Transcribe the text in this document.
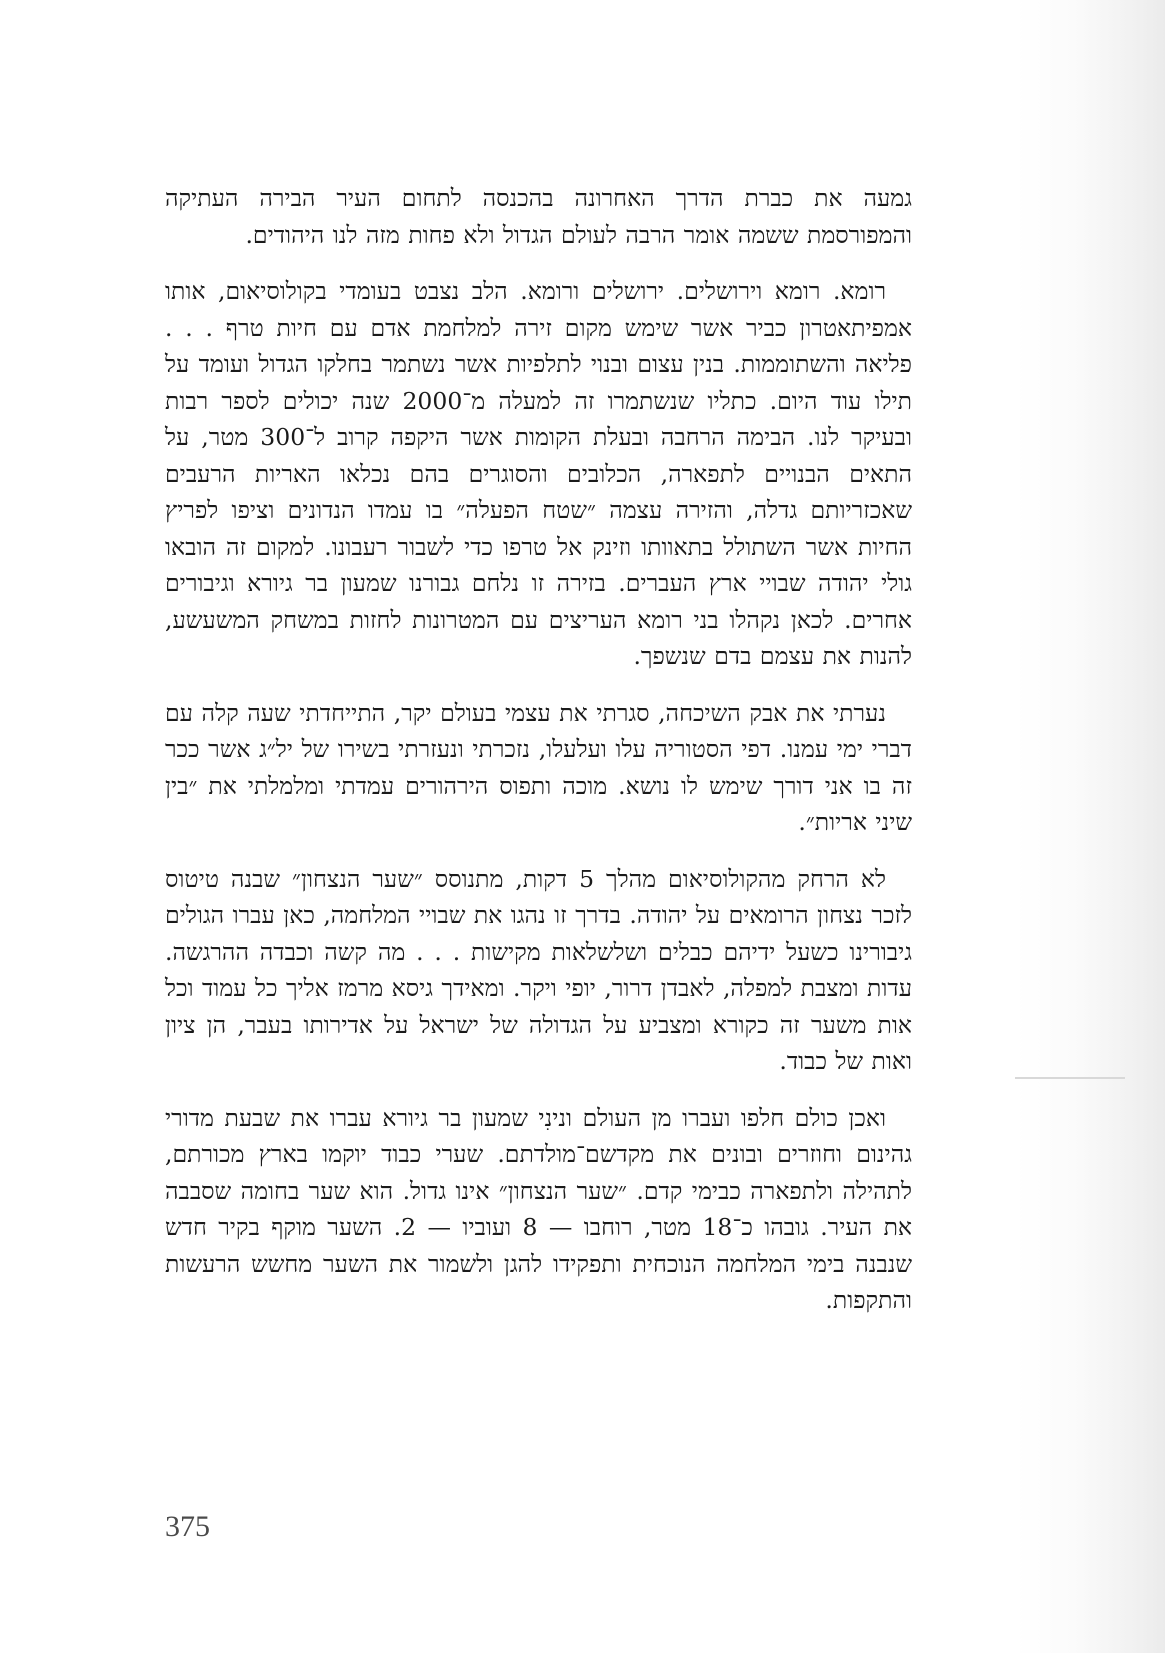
גמעה את כברת הדרך האחרונה בהכנסה לתחום העיר הבירה העתיקה והמפורסמת ששמה אומר הרבה לעולם הגדול ולא פחות מזה לנו היהודים.

רומא. רומא וירושלים. ירושלים ורומא. הלב נצבט בעומדי בקולוסיאום, אותו אמפיתאטרון כביר אשר שימש מקום זירה למלחמת אדם עם חיות טרף . . . פליאה והשתוממות. בנין עצום ובנוי לתלפיות אשר נשתמר בחלקו הגדול ועומד על תילו עוד היום. כתליו שנשתמרו זה למעלה מ־2000 שנה יכולים לספר רבות ובעיקר לנו. הבימה הרחבה ובעלת הקומות אשר היקפה קרוב ל־300 מטר, על התאים הבנויים לתפארה, הכלובים והסוגרים בהם נכלאו האריות הרעבים שאכזריותם גדלה, והזירה עצמה ״שטח הפעלה״ בו עמדו הנדונים וציפו לפריץ החיות אשר השתולל בתאוותו וזינק אל טרפו כדי לשבור רעבונו. למקום זה הובאו גולי יהודה שבויי ארץ העברים. בזירה זו נלחם גבורנו שמעון בר גיורא וגיבורים אחרים. לכאן נקהלו בני רומא העריצים עם המטרונות לחזות במשחק המשעשע, להנות את עצמם בדם שנשפך.

נערתי את אבק השיכחה, סגרתי את עצמי בעולם יקר, התייחדתי שעה קלה עם דברי ימי עמנו. דפי הסטוריה עלו ועלעלו, נזכרתי ונעזרתי בשירו של יל״ג אשר ככר זה בו אני דורך שימש לו נושא. מוכה ותפוס הירהורים עמדתי ומלמלתי את ״בין שיני אריות״.

לא הרחק מהקולוסיאום מהלך 5 דקות, מתנוסס ״שער הנצחון״ שבנה טיטוס לזכר נצחון הרומאים על יהודה. בדרך זו נהגו את שבויי המלחמה, כאן עברו הגולים גיבורינו כשעל ידיהם כבלים ושלשלאות מקישות . . . מה קשה וכבדה ההרגשה. עדות ומצבת למפלה, לאבדן דרור, יופי ויקר. ומאידך גיסא מרמז אליך כל עמוד וכל אות משער זה כקורא ומצביע על הגדולה של ישראל על אדירותו בעבר, הן ציון ואות של כבוד.

ואכן כולם חלפו ועברו מן העולם ונינִי שמעון בר גיורא עברו את שבעת מדורי גהינום וחוזרים ובונים את מקדשם־מולדתם. שערי כבוד יוקמו בארץ מכורתם, לתהילה ולתפארה כבימי קדם. ״שער הנצחון״ אינו גדול. הוא שער בחומה שסבבה את העיר. גובהו כ־18 מטר, רוחבו — 8 ועוביו — 2. השער מוקף בקיר חדש שנבנה בימי המלחמה הנוכחית ותפקידו להגן ולשמור את השער מחשש הרעשות והתקפות.

375
